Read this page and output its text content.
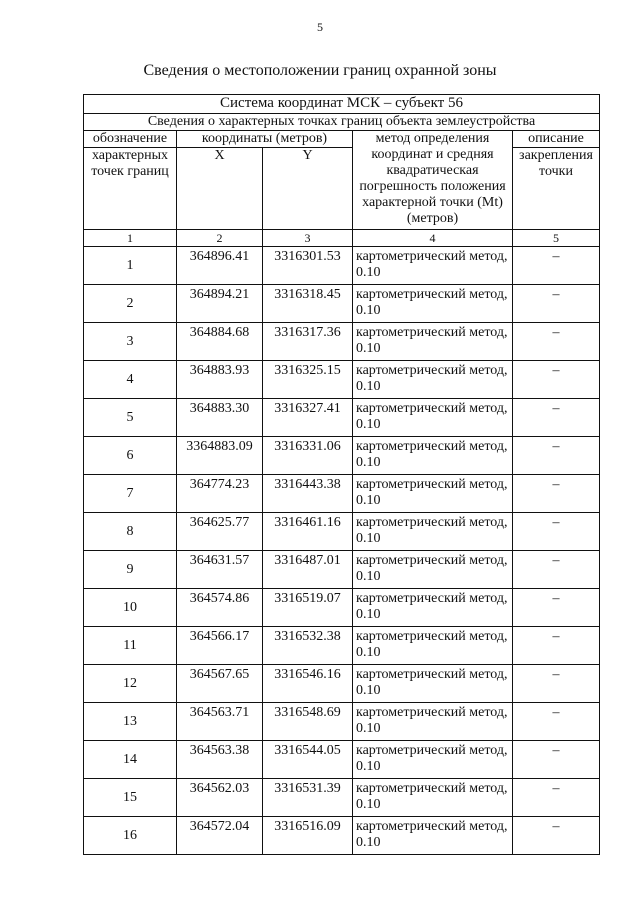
5
Сведения о местоположении границ охранной зоны
Система координат МСК – субъект 56				
Сведения о характерных точках границ объекта землеустройства				
обозначение	координаты (метров)		метод определения координат и средняя квадратическая погрешность положения характерной точки (Mt) (метров)	описание
характерных точек границ	X	Y		закрепления точки
1	2	3	4	5
1	364896.41	3316301.53	картометрический метод, 0.10	–
2	364894.21	3316318.45	картометрический метод, 0.10	–
3	364884.68	3316317.36	картометрический метод, 0.10	–
4	364883.93	3316325.15	картометрический метод, 0.10	–
5	364883.30	3316327.41	картометрический метод, 0.10	–
6	3364883.09	3316331.06	картометрический метод, 0.10	–
7	364774.23	3316443.38	картометрический метод, 0.10	–
8	364625.77	3316461.16	картометрический метод, 0.10	–
9	364631.57	3316487.01	картометрический метод, 0.10	–
10	364574.86	3316519.07	картометрический метод, 0.10	–
11	364566.17	3316532.38	картометрический метод, 0.10	–
12	364567.65	3316546.16	картометрический метод, 0.10	–
13	364563.71	3316548.69	картометрический метод, 0.10	–
14	364563.38	3316544.05	картометрический метод, 0.10	–
15	364562.03	3316531.39	картометрический метод, 0.10	–
16	364572.04	3316516.09	картометрический метод, 0.10	–
